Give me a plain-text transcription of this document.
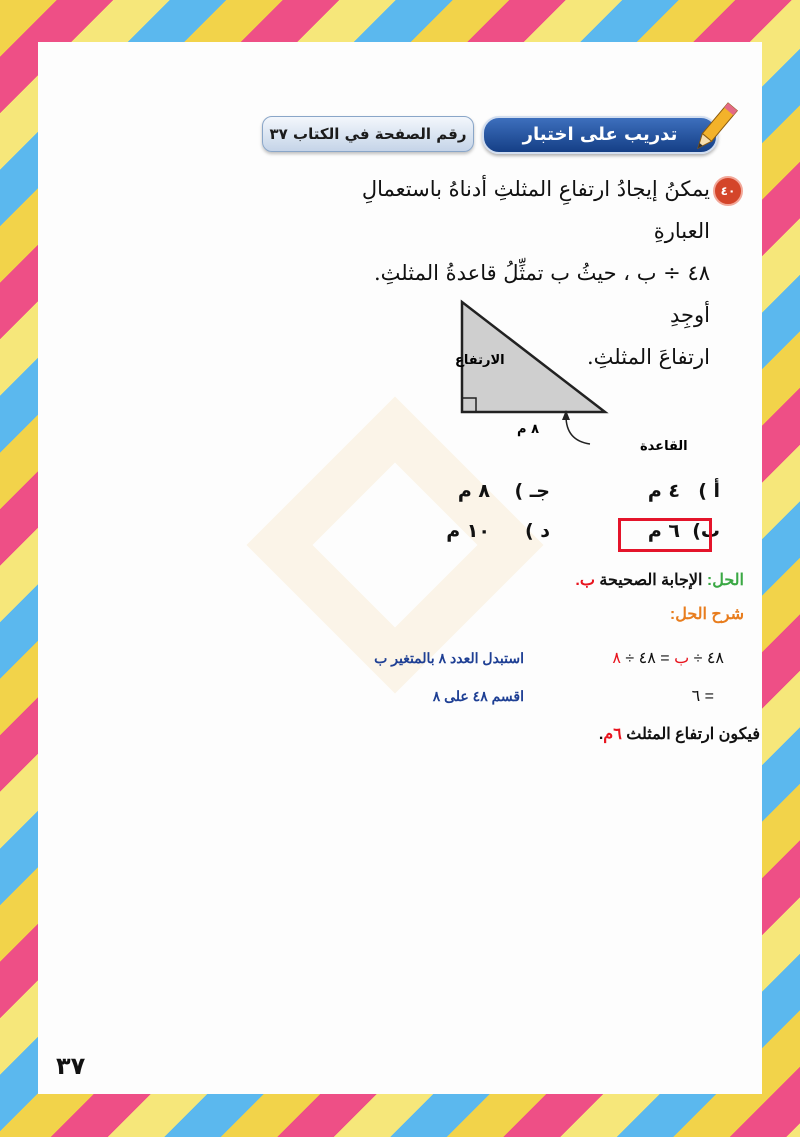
رقم الصفحة في الكتاب ٣٧	تدريب على اختبار
٤٠
يمكنُ إيجادُ ارتفاعِ المثلثِ أدناهُ باستعمالِ العبارةِ
٤٨ ÷ ب ، حيثُ ب تمثِّلُ قاعدةُ المثلثِ. أوجِدِ
ارتفاعَ المثلثِ.
الارتفاع
٨ م
القاعدة
أ )
٤ م
جـ )
٨ م
ب)
٦ م
د )
١٠ م
الحل: الإجابة الصحيحة ب.
شرح الحل:
٤٨ ÷ ب = ٤٨ ÷ ٨
استبدل العدد ٨ بالمتغير ب
= ٦
اقسم ٤٨ على ٨
فيكون ارتفاع المثلث ٦م.
٣٧
